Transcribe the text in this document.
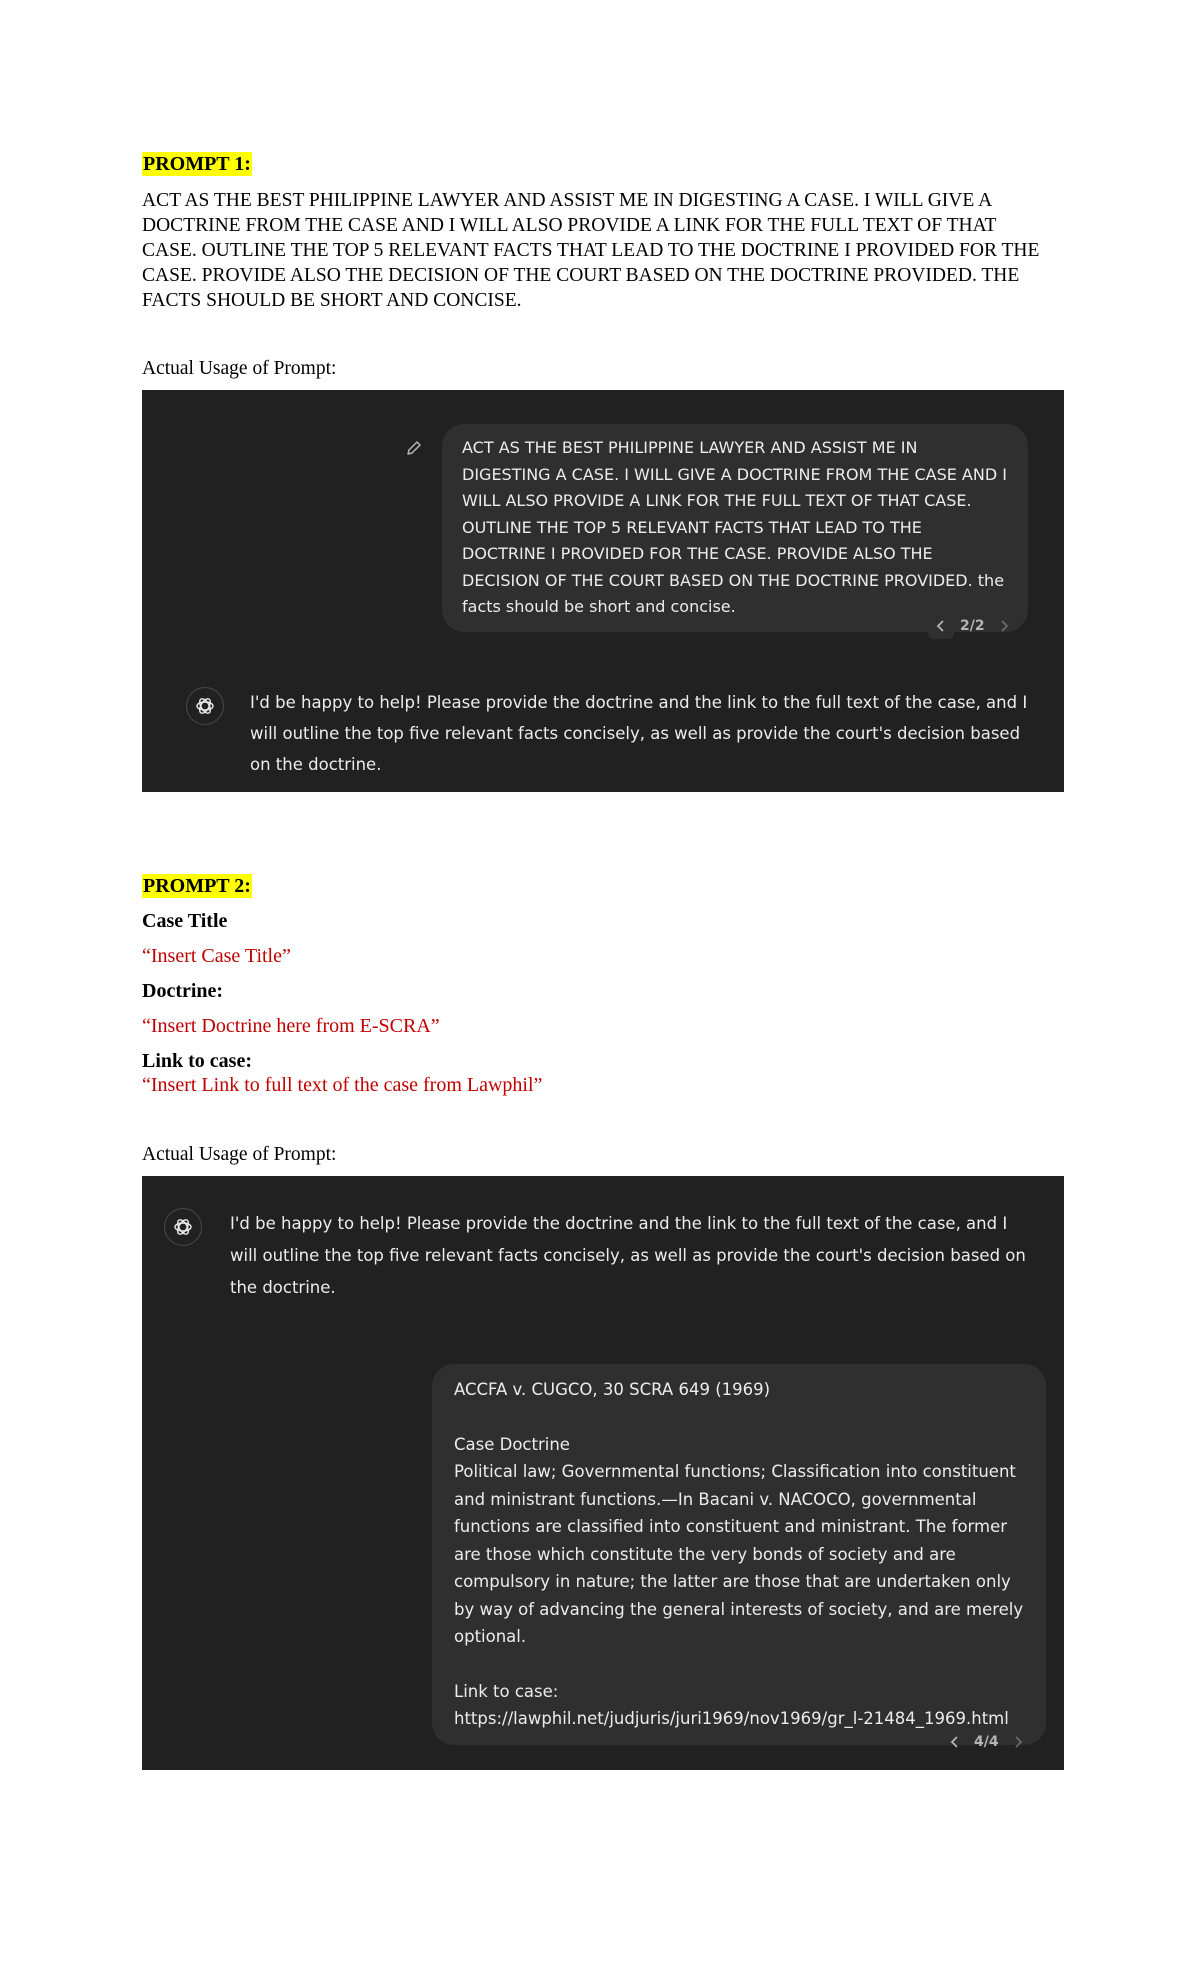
PROMPT 1:

ACT AS THE BEST PHILIPPINE LAWYER AND ASSIST ME IN DIGESTING A CASE. I WILL GIVE A DOCTRINE FROM THE CASE AND I WILL ALSO PROVIDE A LINK FOR THE FULL TEXT OF THAT CASE. OUTLINE THE TOP 5 RELEVANT FACTS THAT LEAD TO THE DOCTRINE I PROVIDED FOR THE CASE. PROVIDE ALSO THE DECISION OF THE COURT BASED ON THE DOCTRINE PROVIDED. THE FACTS SHOULD BE SHORT AND CONCISE.

Actual Usage of Prompt:
ACT AS THE BEST PHILIPPINE LAWYER AND ASSIST ME IN DIGESTING A CASE. I WILL GIVE A DOCTRINE FROM THE CASE AND I WILL ALSO PROVIDE A LINK FOR THE FULL TEXT OF THAT CASE. OUTLINE THE TOP 5 RELEVANT FACTS THAT LEAD TO THE DOCTRINE I PROVIDED FOR THE CASE. PROVIDE ALSO THE DECISION OF THE COURT BASED ON THE DOCTRINE PROVIDED. the facts should be short and concise.
2/2

I'd be happy to help! Please provide the doctrine and the link to the full text of the case, and I will outline the top five relevant facts concisely, as well as provide the court's decision based on the doctrine.

PROMPT 2:
Case Title
“Insert Case Title”
Doctrine:
“Insert Doctrine here from E-SCRA”
Link to case:
“Insert Link to full text of the case from Lawphil”
Actual Usage of Prompt:

I'd be happy to help! Please provide the doctrine and the link to the full text of the case, and I will outline the top five relevant facts concisely, as well as provide the court's decision based on the doctrine.

ACCFA v. CUGCO, 30 SCRA 649 (1969)
Case Doctrine
Political law; Governmental functions; Classification into constituent and ministrant functions.—In Bacani v. NACOCO, governmental functions are classified into constituent and ministrant. The former are those which constitute the very bonds of society and are compulsory in nature; the latter are those that are undertaken only by way of advancing the general interests of society, and are merely optional.
Link to case:
https://lawphil.net/judjuris/juri1969/nov1969/gr_l-21484_1969.html
4/4
